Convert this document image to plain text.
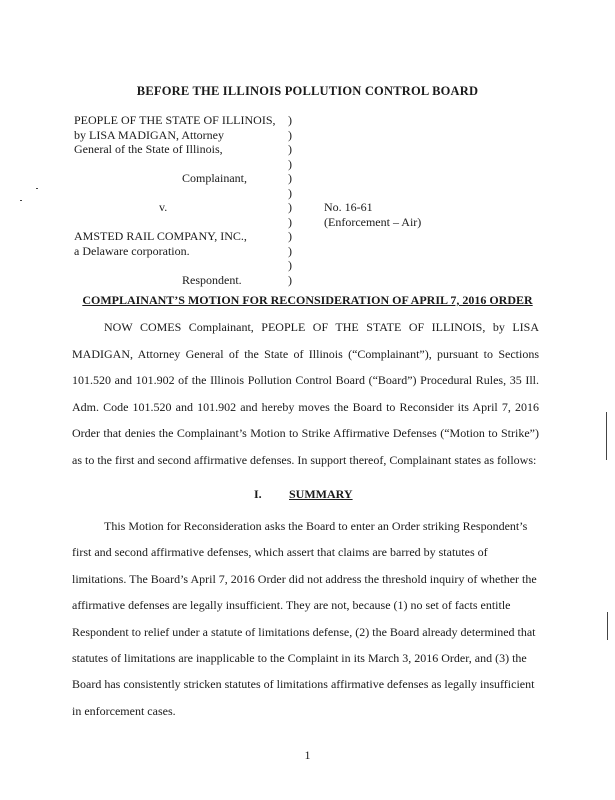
BEFORE THE ILLINOIS POLLUTION CONTROL BOARD
PEOPLE OF THE STATE OF ILLINOIS, )
by LISA MADIGAN, Attorney	)
General of the State of Illinois,	)
)
Complainant,	)
)
v.	)	No. 16-61
)	(Enforcement – Air)
AMSTED RAIL COMPANY, INC.,	)
a Delaware corporation.	)
)
Respondent.	)
COMPLAINANT’S MOTION FOR RECONSIDERATION OF APRIL 7, 2016 ORDER

NOW COMES Complainant, PEOPLE OF THE STATE OF ILLINOIS, by LISA MADIGAN, Attorney General of the State of Illinois (“Complainant”), pursuant to Sections 101.520 and 101.902 of the Illinois Pollution Control Board (“Board”) Procedural Rules, 35 Ill. Adm. Code 101.520 and 101.902 and hereby moves the Board to Reconsider its April 7, 2016 Order that denies the Complainant’s Motion to Strike Affirmative Defenses (“Motion to Strike”) as to the first and second affirmative defenses. In support thereof, Complainant states as follows:

I. SUMMARY

This Motion for Reconsideration asks the Board to enter an Order striking Respondent’s first and second affirmative defenses, which assert that claims are barred by statutes of limitations. The Board’s April 7, 2016 Order did not address the threshold inquiry of whether the affirmative defenses are legally insufficient. They are not, because (1) no set of facts entitle Respondent to relief under a statute of limitations defense, (2) the Board already determined that statutes of limitations are inapplicable to the Complaint in its March 3, 2016 Order, and (3) the Board has consistently stricken statutes of limitations affirmative defenses as legally insufficient in enforcement cases.

1
